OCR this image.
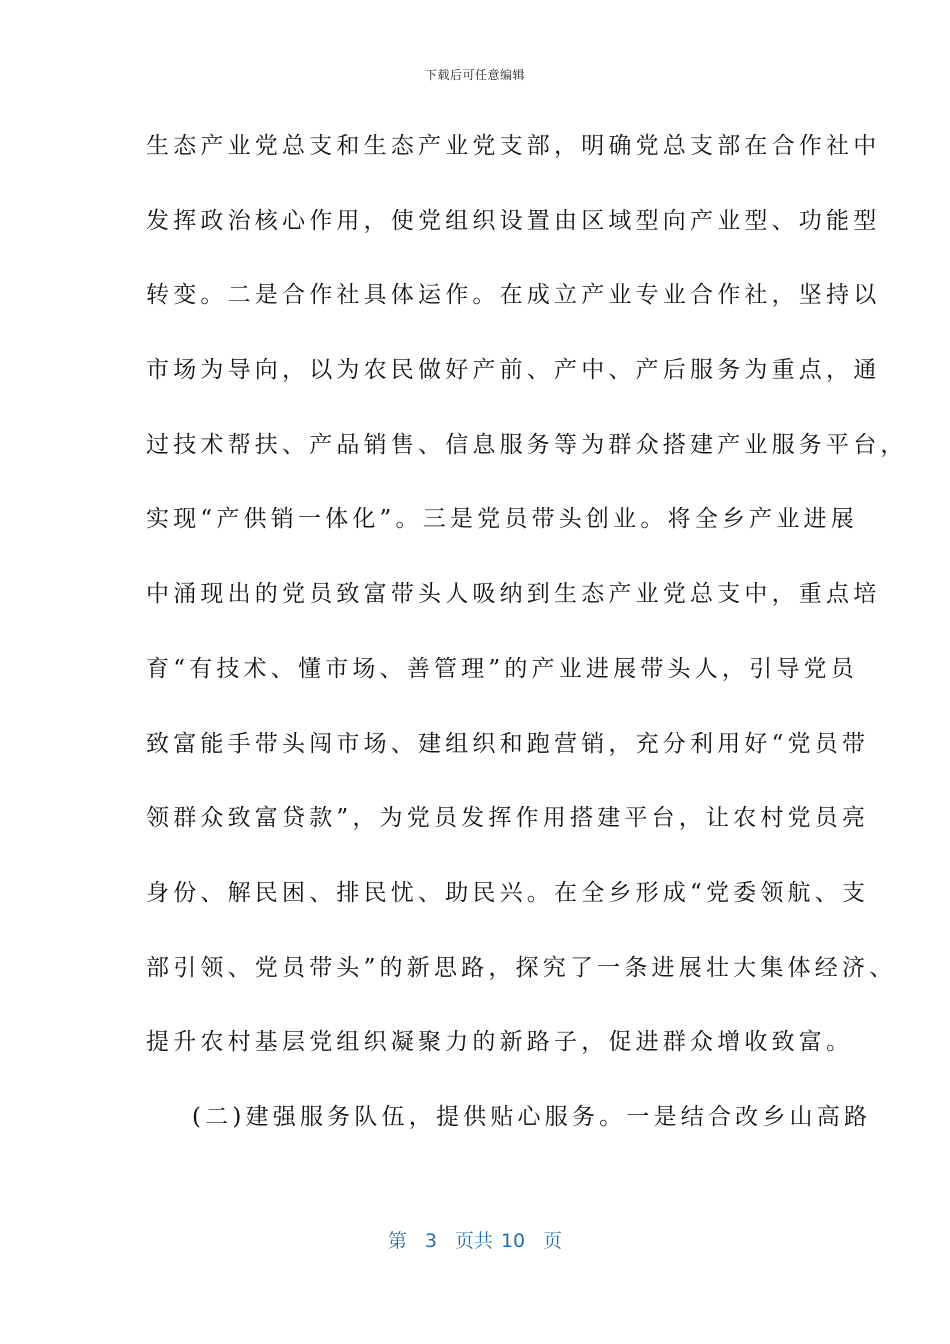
下载后可任意编辑
生态产业党总支和生态产业党支部，明确党总支部在合作社中
发挥政治核心作用，使党组织设置由区域型向产业型、功能型
转变。二是合作社具体运作。在成立产业专业合作社，坚持以
市场为导向，以为农民做好产前、产中、产后服务为重点，通
过技术帮扶、产品销售、信息服务等为群众搭建产业服务平台，
实现“产供销一体化”。三是党员带头创业。将全乡产业进展
中涌现出的党员致富带头人吸纳到生态产业党总支中，重点培
育“有技术、懂市场、善管理”的产业进展带头人，引导党员
致富能手带头闯市场、建组织和跑营销，充分利用好“党员带
领群众致富贷款”，为党员发挥作用搭建平台，让农村党员亮
身份、解民困、排民忧、助民兴。在全乡形成“党委领航、支
部引领、党员带头”的新思路，探究了一条进展壮大集体经济、
提升农村基层党组织凝聚力的新路子，促进群众增收致富。
(二)建强服务队伍，提供贴心服务。一是结合改乡山高路
第 3 页共 10 页
